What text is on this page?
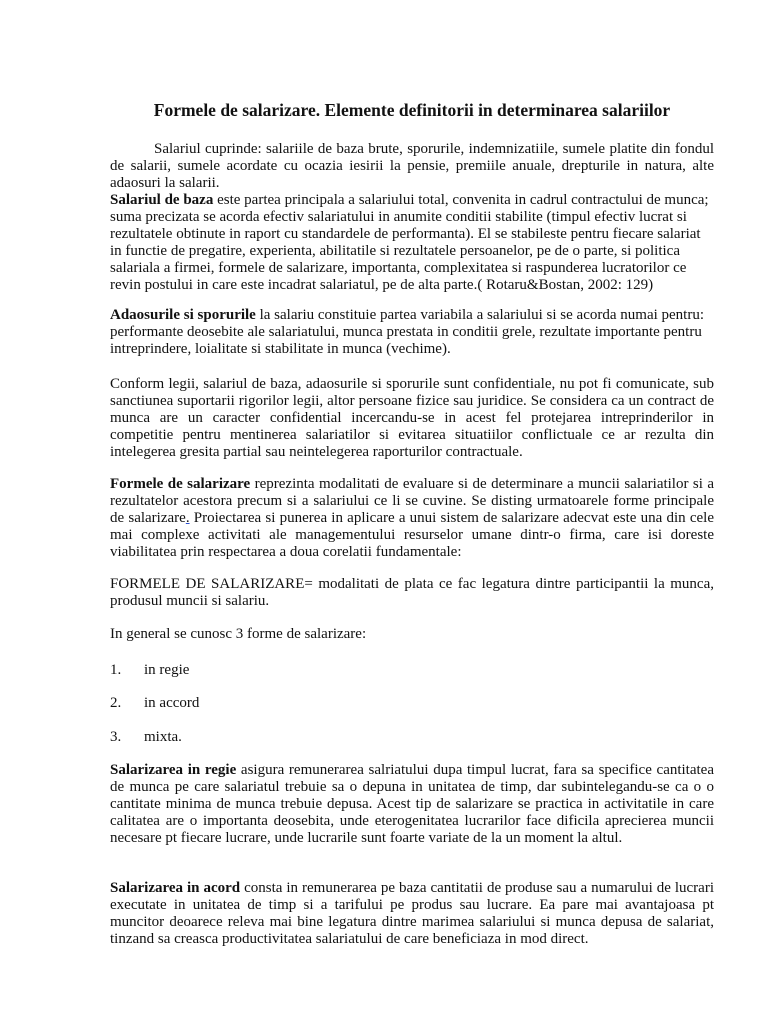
Formele de salarizare. Elemente definitorii in determinarea salariilor

Salariul cuprinde: salariile de baza brute, sporurile, indemnizatiile, sumele platite din fondul de salarii, sumele acordate cu ocazia iesirii la pensie, premiile anuale, drepturile in natura, alte adaosuri la salarii.

Salariul de baza este partea principala a salariului total, convenita in cadrul contractului de munca; suma precizata se acorda efectiv salariatului in anumite conditii stabilite (timpul efectiv lucrat si rezultatele obtinute in raport cu standardele de performanta). El se stabileste pentru fiecare salariat in functie de pregatire, experienta, abilitatile si rezultatele persoanelor, pe de o parte, si politica salariala a firmei, formele de salarizare, importanta, complexitatea si raspunderea lucratorilor ce revin postului in care este incadrat salariatul, pe de alta parte.( Rotaru&Bostan, 2002: 129)

Adaosurile si sporurile la salariu constituie partea variabila a salariului si se acorda numai pentru: performante deosebite ale salariatului, munca prestata in conditii grele, rezultate importante pentru intreprindere, loialitate si stabilitate in munca (vechime).

Conform legii, salariul de baza, adaosurile si sporurile sunt confidentiale, nu pot fi comunicate, sub sanctiunea suportarii rigorilor legii, altor persoane fizice sau juridice. Se considera ca un contract de munca are un caracter confidential incercandu-se in acest fel protejarea intreprinderilor in competitie pentru mentinerea salariatilor si evitarea situatiilor conflictuale ce ar rezulta din intelegerea gresita partial sau neintelegerea raporturilor contractuale.

Formele de salarizare reprezinta modalitati de evaluare si de determinare a muncii salariatilor si a rezultatelor acestora precum si a salariului ce li se cuvine. Se disting urmatoarele forme principale de salarizare. Proiectarea si punerea in aplicare a unui sistem de salarizare adecvat este una din cele mai complexe activitati ale managementului resurselor umane dintr-o firma, care isi doreste viabilitatea prin respectarea a doua corelatii fundamentale:

FORMELE DE SALARIZARE= modalitati de plata ce fac legatura dintre participantii la munca, produsul muncii si salariu.

In general se cunosc 3 forme de salarizare:

1. in regie
2. in accord
3. mixta.

Salarizarea in regie asigura remunerarea salriatului dupa timpul lucrat, fara sa specifice cantitatea de munca pe care salariatul trebuie sa o depuna in unitatea de timp, dar subintelegandu-se ca o o cantitate minima de munca trebuie depusa. Acest tip de salarizare se practica in activitatile in care calitatea are o importanta deosebita, unde eterogenitatea lucrarilor face dificila aprecierea muncii necesare pt fiecare lucrare, unde lucrarile sunt foarte variate de la un moment la altul.

Salarizarea in acord consta in remunerarea pe baza cantitatii de produse sau a numarului de lucrari executate in unitatea de timp si a tarifului pe produs sau lucrare. Ea pare mai avantajoasa pt muncitor deoarece releva mai bine legatura dintre marimea salariului si munca depusa de salariat, tinzand sa creasca productivitatea salariatului de care beneficiaza in mod direct.
